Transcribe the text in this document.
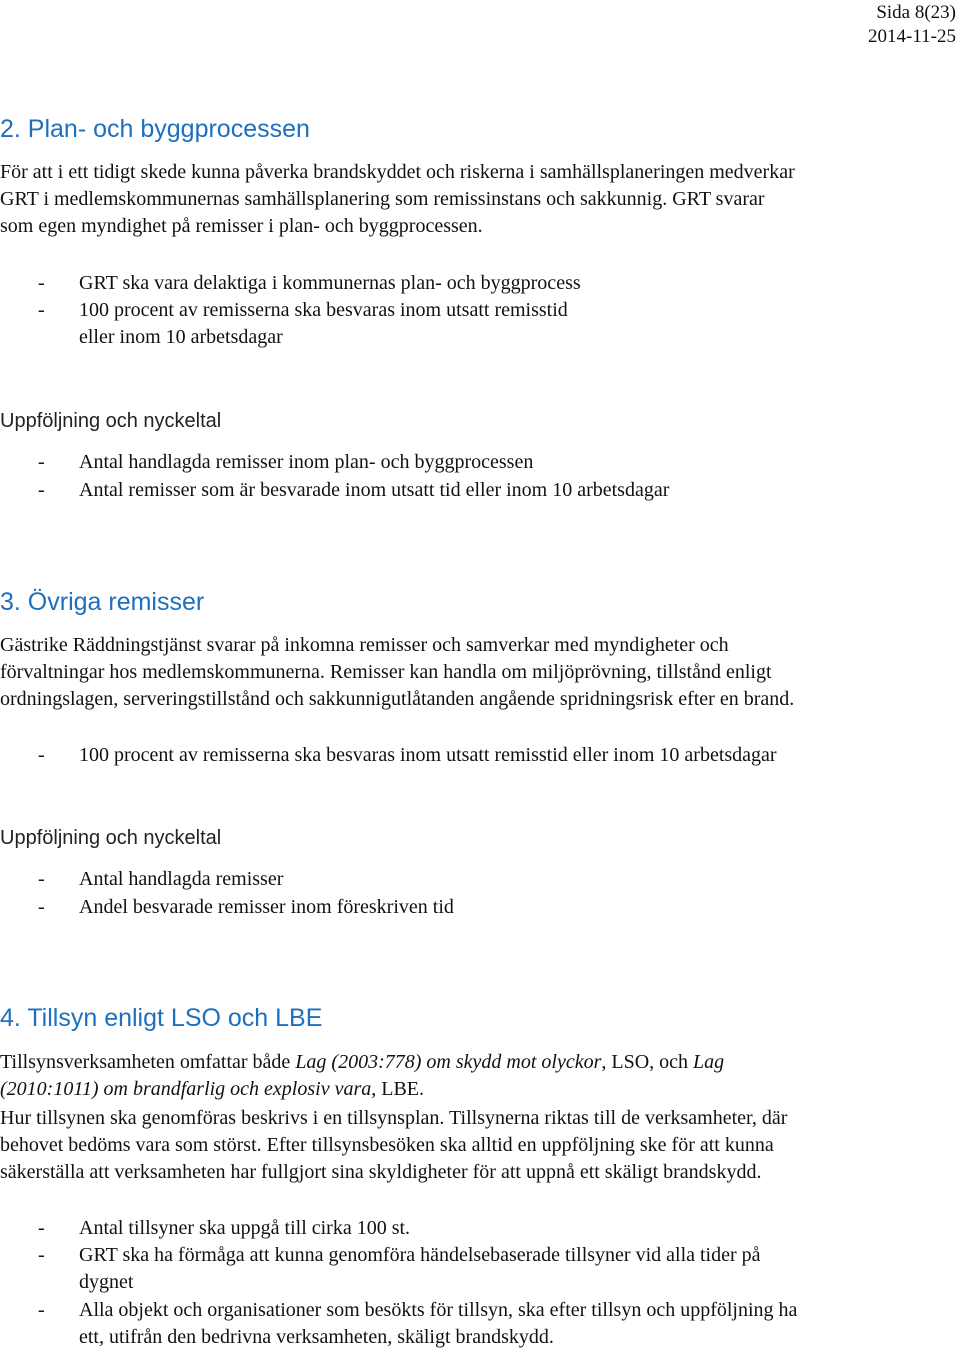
Sida 8(23)
2014-11-25
2. Plan- och byggprocessen
För att i ett tidigt skede kunna påverka brandskyddet och riskerna i samhällsplaneringen medverkar
GRT i medlemskommunernas samhällsplanering som remissinstans och sakkunnig. GRT svarar
som egen myndighet på remisser i plan- och byggprocessen.
- GRT ska vara delaktiga i kommunernas plan- och byggprocess
- 100 procent av remisserna ska besvaras inom utsatt remisstid
eller inom 10 arbetsdagar
Uppföljning och nyckeltal
- Antal handlagda remisser inom plan- och byggprocessen
- Antal remisser som är besvarade inom utsatt tid eller inom 10 arbetsdagar
3. Övriga remisser
Gästrike Räddningstjänst svarar på inkomna remisser och samverkar med myndigheter och
förvaltningar hos medlemskommunerna. Remisser kan handla om miljöprövning, tillstånd enligt
ordningslagen, serveringstillstånd och sakkunnigutlåtanden angående spridningsrisk efter en brand.
- 100 procent av remisserna ska besvaras inom utsatt remisstid eller inom 10 arbetsdagar
Uppföljning och nyckeltal
- Antal handlagda remisser
- Andel besvarade remisser inom föreskriven tid
4. Tillsyn enligt LSO och LBE
Tillsynsverksamheten omfattar både Lag (2003:778) om skydd mot olyckor, LSO, och Lag
(2010:1011) om brandfarlig och explosiv vara, LBE.
Hur tillsynen ska genomföras beskrivs i en tillsynsplan. Tillsynerna riktas till de verksamheter, där
behovet bedöms vara som störst. Efter tillsynsbesöken ska alltid en uppföljning ske för att kunna
säkerställa att verksamheten har fullgjort sina skyldigheter för att uppnå ett skäligt brandskydd.
- Antal tillsyner ska uppgå till cirka 100 st.
- GRT ska ha förmåga att kunna genomföra händelsebaserade tillsyner vid alla tider på
dygnet
- Alla objekt och organisationer som besökts för tillsyn, ska efter tillsyn och uppföljning ha
ett, utifrån den bedrivna verksamheten, skäligt brandskydd.
